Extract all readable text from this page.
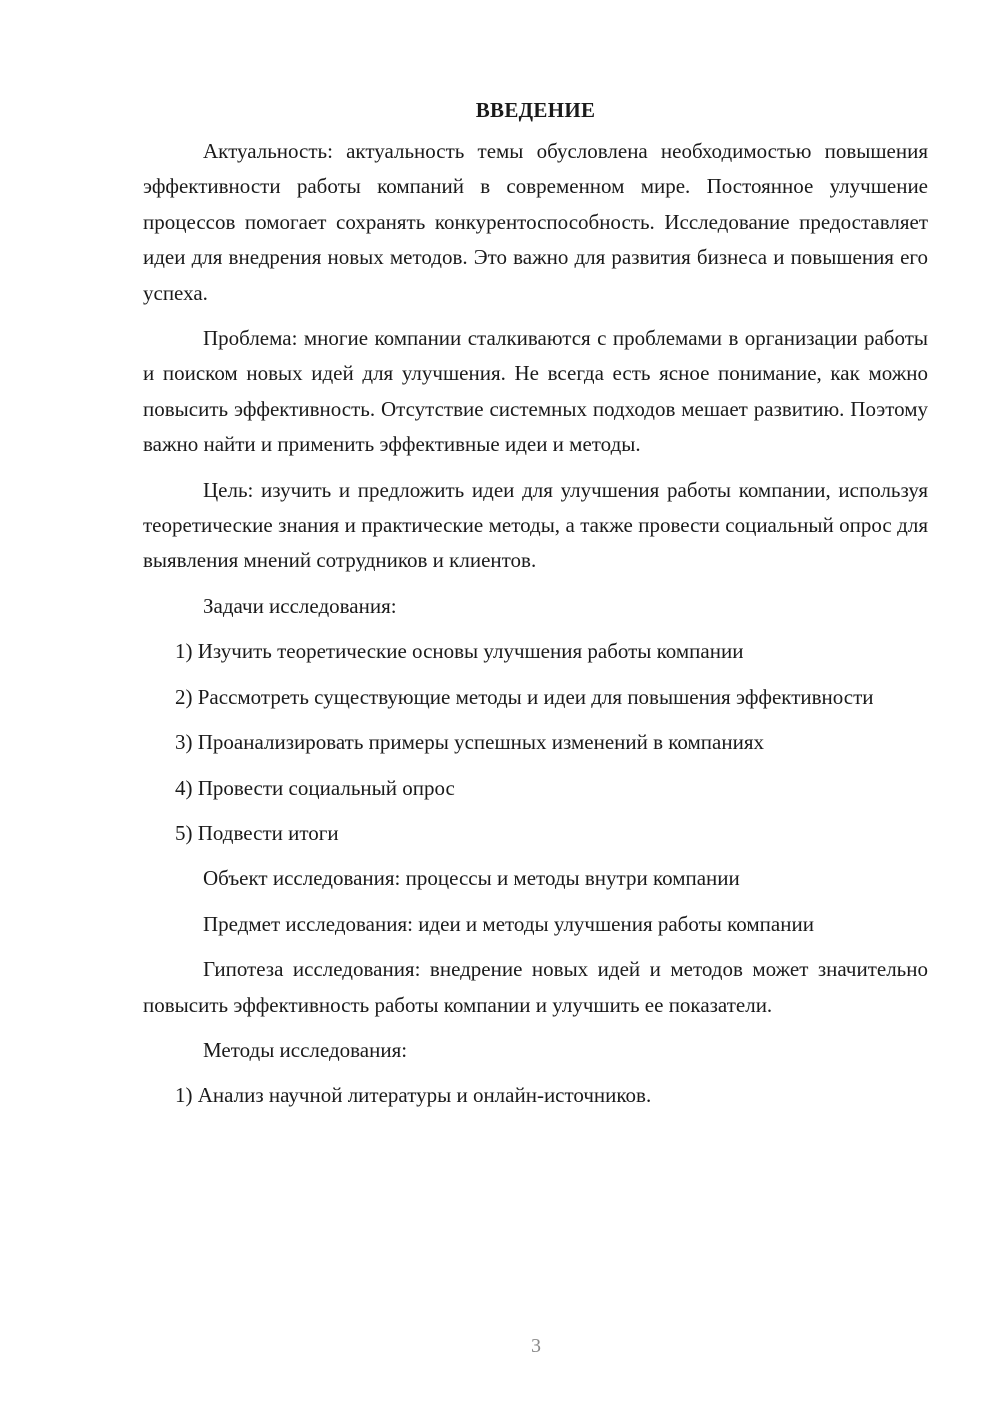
ВВЕДЕНИЕ

Актуальность: актуальность темы обусловлена необходимостью повышения эффективности работы компаний в современном мире. Постоянное улучшение процессов помогает сохранять конкурентоспособность. Исследование предоставляет идеи для внедрения новых методов. Это важно для развития бизнеса и повышения его успеха.

Проблема: многие компании сталкиваются с проблемами в организации работы и поиском новых идей для улучшения. Не всегда есть ясное понимание, как можно повысить эффективность. Отсутствие системных подходов мешает развитию. Поэтому важно найти и применить эффективные идеи и методы.

Цель: изучить и предложить идеи для улучшения работы компании, используя теоретические знания и практические методы, а также провести социальный опрос для выявления мнений сотрудников и клиентов.

Задачи исследования:

1) Изучить теоретические основы улучшения работы компании

2) Рассмотреть существующие методы и идеи для повышения эффективности

3) Проанализировать примеры успешных изменений в компаниях

4) Провести социальный опрос

5) Подвести итоги

Объект исследования: процессы и методы внутри компании

Предмет исследования: идеи и методы улучшения работы компании

Гипотеза исследования: внедрение новых идей и методов может значительно повысить эффективность работы компании и улучшить ее показатели.

Методы исследования:

1) Анализ научной литературы и онлайн-источников.

3
